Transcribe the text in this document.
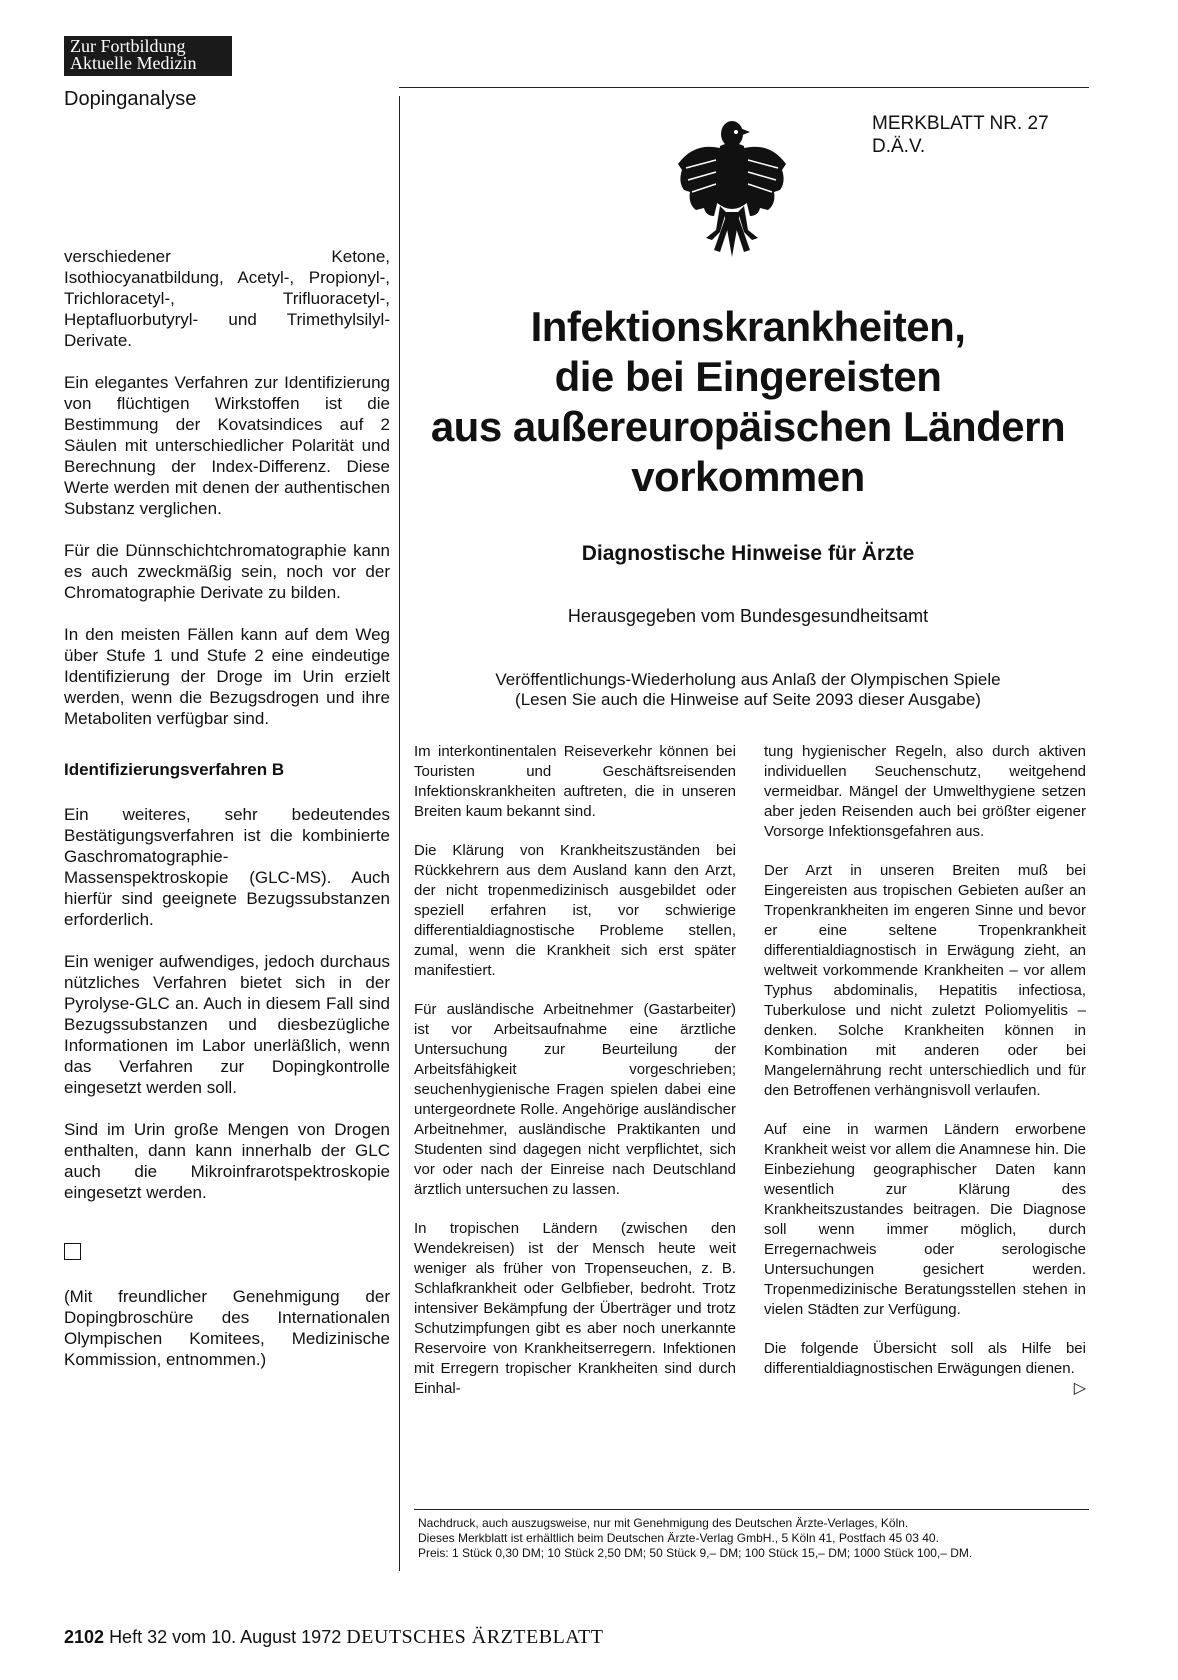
Zur Fortbildung
Aktuelle Medizin
Dopinganalyse

verschiedener Ketone, Isothiocyanatbildung, Acetyl-, Propionyl-, Trichloracetyl-, Trifluoracetyl-, Heptafluorbutyryl- und Trimethylsilyl-Derivate.

Ein elegantes Verfahren zur Identifizierung von flüchtigen Wirkstoffen ist die Bestimmung der Kovatsindices auf 2 Säulen mit unterschiedlicher Polarität und Berechnung der Index-Differenz. Diese Werte werden mit denen der authentischen Substanz verglichen.

Für die Dünnschichtchromatographie kann es auch zweckmäßig sein, noch vor der Chromatographie Derivate zu bilden.

In den meisten Fällen kann auf dem Weg über Stufe 1 und Stufe 2 eine eindeutige Identifizierung der Droge im Urin erzielt werden, wenn die Bezugsdrogen und ihre Metaboliten verfügbar sind.

Identifizierungsverfahren B

Ein weiteres, sehr bedeutendes Bestätigungsverfahren ist die kombinierte Gaschromatographie-Massenspektroskopie (GLC-MS). Auch hierfür sind geeignete Bezugssubstanzen erforderlich.

Ein weniger aufwendiges, jedoch durchaus nützliches Verfahren bietet sich in der Pyrolyse-GLC an. Auch in diesem Fall sind Bezugssubstanzen und diesbezügliche Informationen im Labor unerläßlich, wenn das Verfahren zur Dopingkontrolle eingesetzt werden soll.

Sind im Urin große Mengen von Drogen enthalten, dann kann innerhalb der GLC auch die Mikroinfrarotspektroskopie eingesetzt werden.

(Mit freundlicher Genehmigung der Dopingbroschüre des Internationalen Olympischen Komitees, Medizinische Kommission, entnommen.)

MERKBLATT NR. 27
D.Ä.V.
Infektionskrankheiten,
die bei Eingereisten
aus außereuropäischen Ländern
vorkommen
Diagnostische Hinweise für Ärzte
Herausgegeben vom Bundesgesundheitsamt
Veröffentlichungs-Wiederholung aus Anlaß der Olympischen Spiele
(Lesen Sie auch die Hinweise auf Seite 2093 dieser Ausgabe)

Im interkontinentalen Reiseverkehr können bei Touristen und Geschäftsreisenden Infektionskrankheiten auftreten, die in unseren Breiten kaum bekannt sind.

Die Klärung von Krankheitszuständen bei Rückkehrern aus dem Ausland kann den Arzt, der nicht tropenmedizinisch ausgebildet oder speziell erfahren ist, vor schwierige differentialdiagnostische Probleme stellen, zumal, wenn die Krankheit sich erst später manifestiert.

Für ausländische Arbeitnehmer (Gastarbeiter) ist vor Arbeitsaufnahme eine ärztliche Untersuchung zur Beurteilung der Arbeitsfähigkeit vorgeschrieben; seuchenhygienische Fragen spielen dabei eine untergeordnete Rolle. Angehörige ausländischer Arbeitnehmer, ausländische Praktikanten und Studenten sind dagegen nicht verpflichtet, sich vor oder nach der Einreise nach Deutschland ärztlich untersuchen zu lassen.

In tropischen Ländern (zwischen den Wendekreisen) ist der Mensch heute weit weniger als früher von Tropenseuchen, z. B. Schlafkrankheit oder Gelbfieber, bedroht. Trotz intensiver Bekämpfung der Überträger und trotz Schutzimpfungen gibt es aber noch unerkannte Reservoire von Krankheitserregern. Infektionen mit Erregern tropischer Krankheiten sind durch Einhal-

tung hygienischer Regeln, also durch aktiven individuellen Seuchenschutz, weitgehend vermeidbar. Mängel der Umwelthygiene setzen aber jeden Reisenden auch bei größter eigener Vorsorge Infektionsgefahren aus.

Der Arzt in unseren Breiten muß bei Eingereisten aus tropischen Gebieten außer an Tropenkrankheiten im engeren Sinne und bevor er eine seltene Tropenkrankheit differentialdiagnostisch in Erwägung zieht, an weltweit vorkommende Krankheiten – vor allem Typhus abdominalis, Hepatitis infectiosa, Tuberkulose und nicht zuletzt Poliomyelitis – denken. Solche Krankheiten können in Kombination mit anderen oder bei Mangelernährung recht unterschiedlich und für den Betroffenen verhängnisvoll verlaufen.

Auf eine in warmen Ländern erworbene Krankheit weist vor allem die Anamnese hin. Die Einbeziehung geographischer Daten kann wesentlich zur Klärung des Krankheitszustandes beitragen. Die Diagnose soll wenn immer möglich, durch Erregernachweis oder serologische Untersuchungen gesichert werden. Tropenmedizinische Beratungsstellen stehen in vielen Städten zur Verfügung.

Die folgende Übersicht soll als Hilfe bei differentialdiagnostischen Erwägungen dienen.
▷

Nachdruck, auch auszugsweise, nur mit Genehmigung des Deutschen Ärzte-Verlages, Köln.
Dieses Merkblatt ist erhältlich beim Deutschen Ärzte-Verlag GmbH., 5 Köln 41, Postfach 45 03 40.
Preis: 1 Stück 0,30 DM; 10 Stück 2,50 DM; 50 Stück 9,– DM; 100 Stück 15,– DM; 1000 Stück 100,– DM.
2102 Heft 32 vom 10. August 1972 DEUTSCHES ÄRZTEBLATT
